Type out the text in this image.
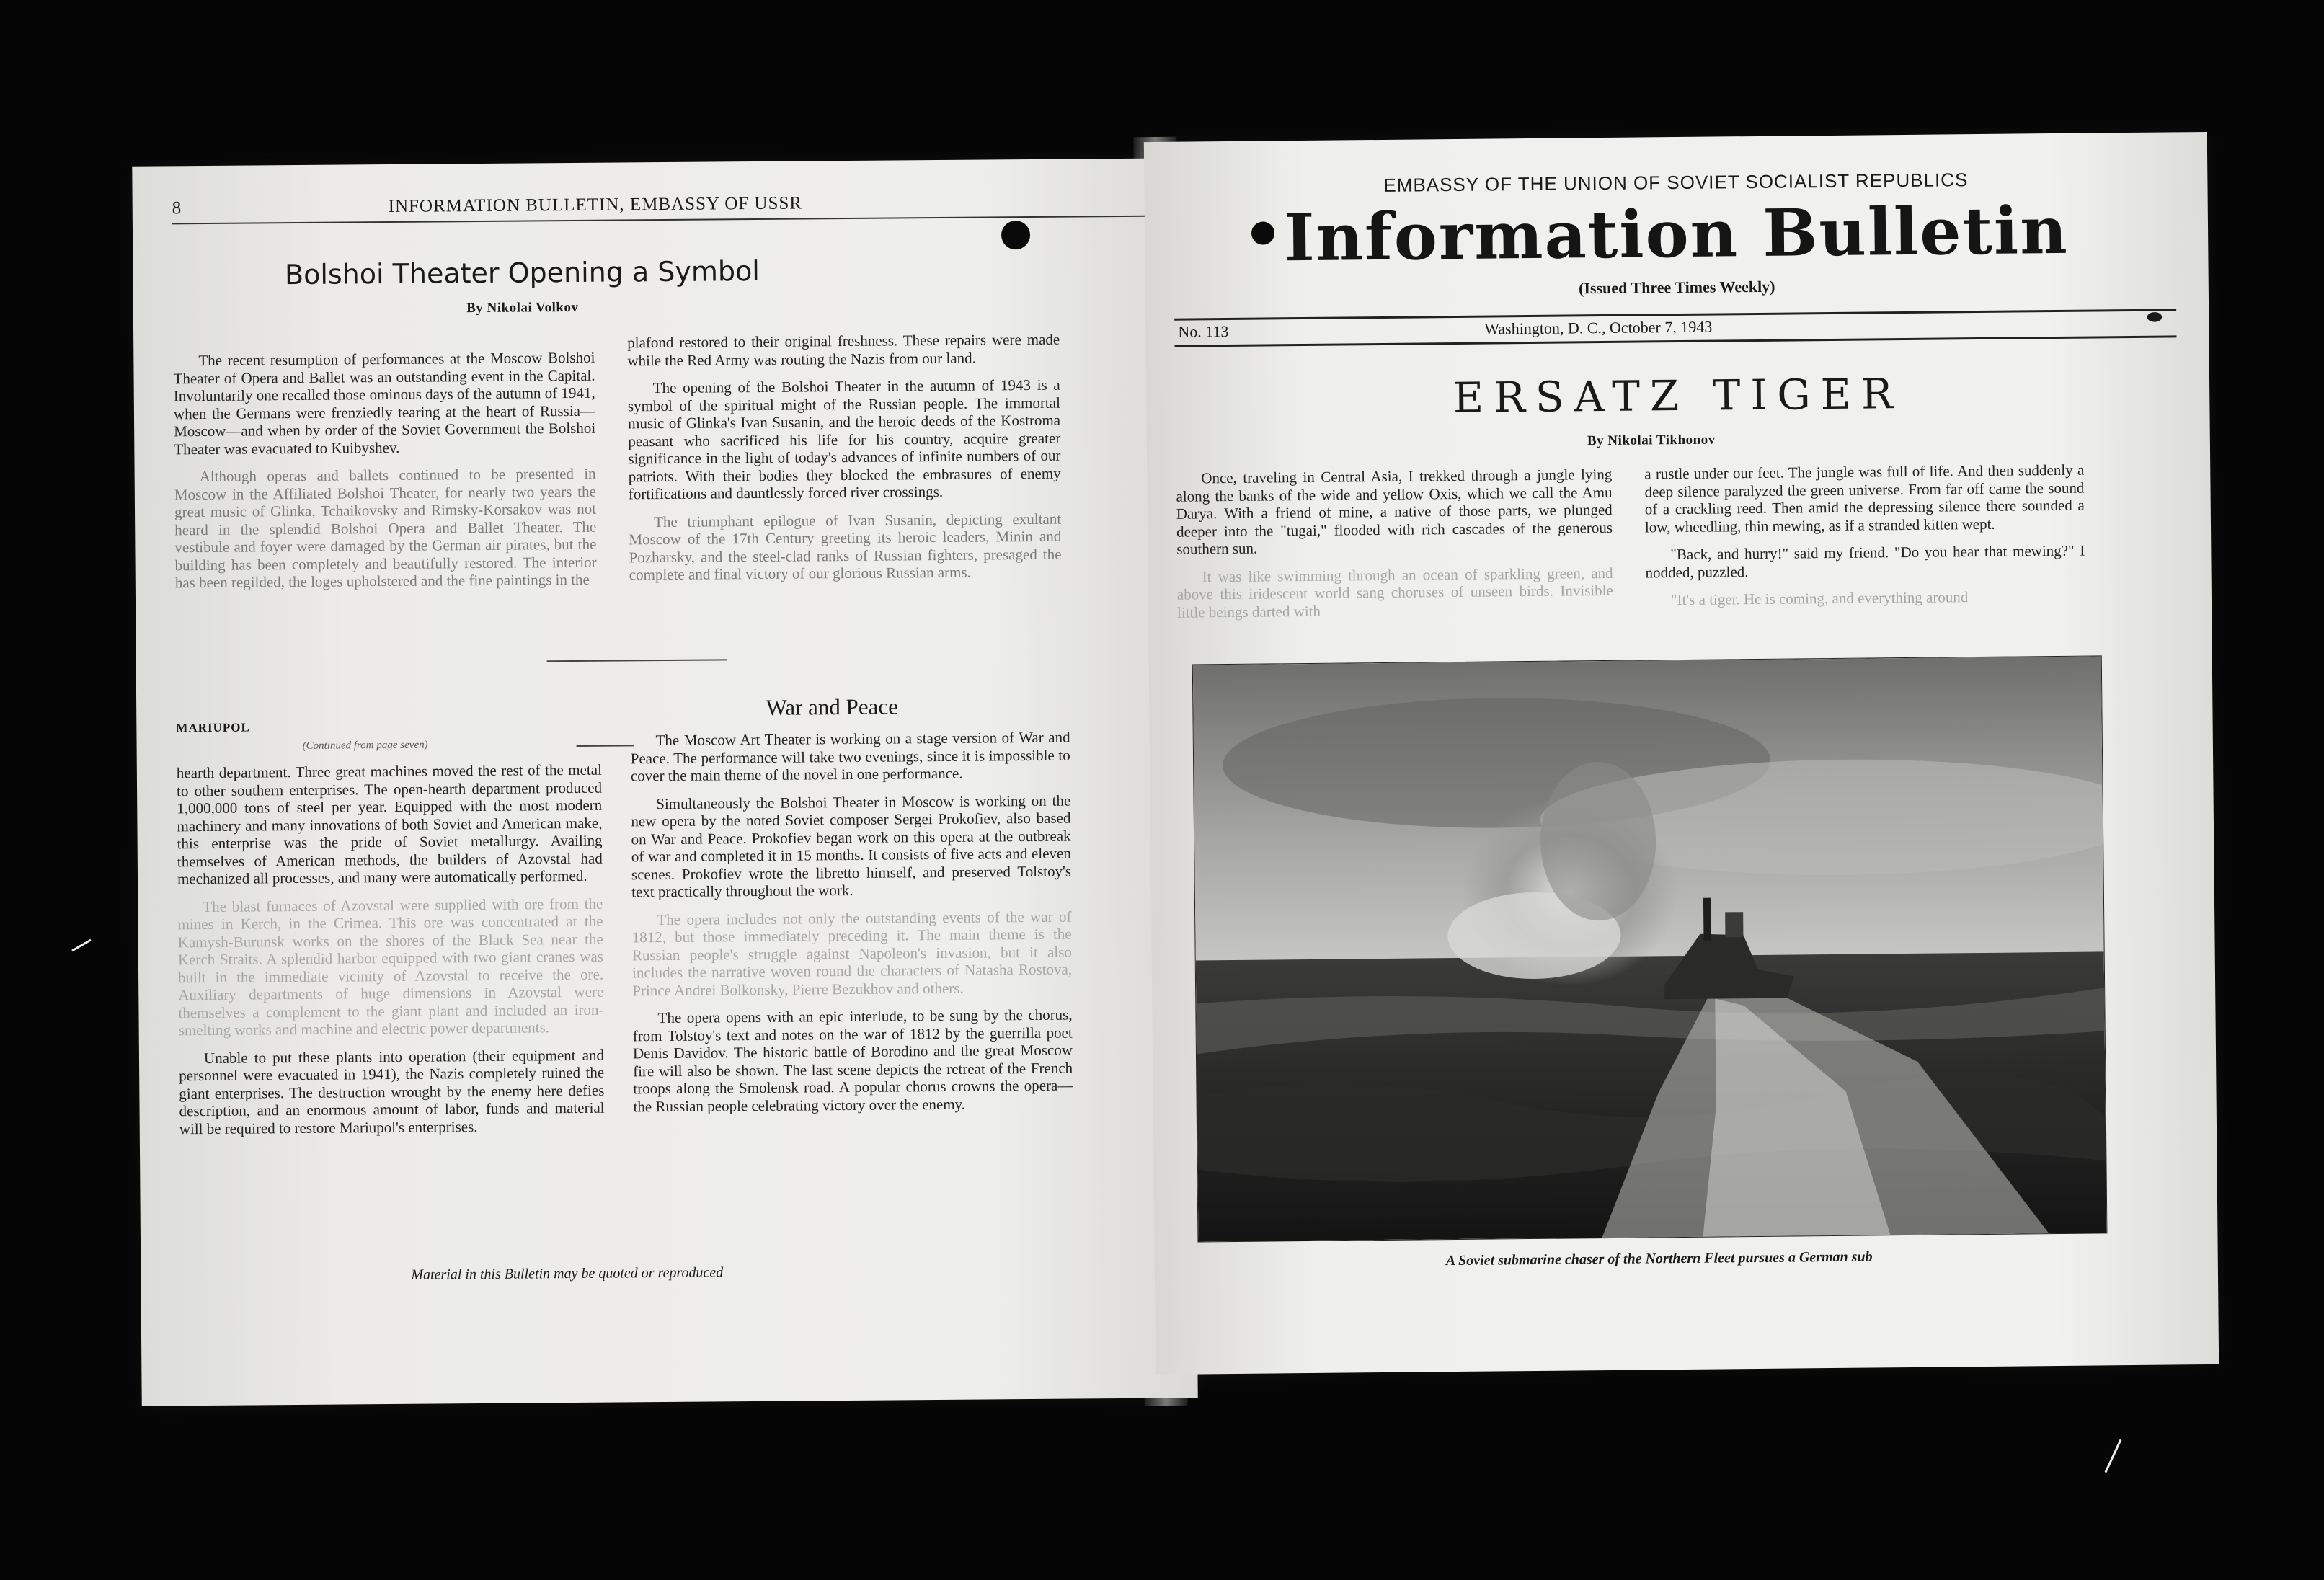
8	INFORMATION BULLETIN, EMBASSY OF USSR

Bolshoi Theater Opening a Symbol
By Nikolai Volkov

The recent resumption of performances at the Moscow Bolshoi Theater of Opera and Ballet was an outstanding event in the Capital. Involuntarily one recalled those ominous days of the autumn of 1941, when the Germans were frenziedly tearing at the heart of Russia—Moscow—and when by order of the Soviet Government the Bolshoi Theater was evacuated to Kuibyshev.

Although operas and ballets continued to be presented in Moscow in the Affiliated Bolshoi Theater, for nearly two years the great music of Glinka, Tchaikovsky and Rimsky-Korsakov was not heard in the splendid Bolshoi Opera and Ballet Theater. The vestibule and foyer were damaged by the German air pirates, but the building has been completely and beautifully restored. The interior has been regilded, the loges upholstered and the fine paintings in the

plafond restored to their original freshness. These repairs were made while the Red Army was routing the Nazis from our land.

The opening of the Bolshoi Theater in the autumn of 1943 is a symbol of the spiritual might of the Russian people. The immortal music of Glinka's Ivan Susanin, and the heroic deeds of the Kostroma peasant who sacrificed his life for his country, acquire greater significance in the light of today's advances of infinite numbers of our patriots. With their bodies they blocked the embrasures of enemy fortifications and dauntlessly forced river crossings.

The triumphant epilogue of Ivan Susanin, depicting exultant Moscow of the 17th Century greeting its heroic leaders, Minin and Pozharsky, and the steel-clad ranks of Russian fighters, presaged the complete and final victory of our glorious Russian arms.

MARIUPOL
(Continued from page seven)

hearth department. Three great machines moved the rest of the metal to other southern enterprises. The open-hearth department produced 1,000,000 tons of steel per year. Equipped with the most modern machinery and many innovations of both Soviet and American make, this enterprise was the pride of Soviet metallurgy. Availing themselves of American methods, the builders of Azovstal had mechanized all processes, and many were automatically performed.

The blast furnaces of Azovstal were supplied with ore from the mines in Kerch, in the Crimea. This ore was concentrated at the Kamysh-Burunsk works on the shores of the Black Sea near the Kerch Straits. A splendid harbor equipped with two giant cranes was built in the immediate vicinity of Azovstal to receive the ore. Auxiliary departments of huge dimensions in Azovstal were themselves a complement to the giant plant and included an iron-smelting works and machine and electric power departments.

Unable to put these plants into operation (their equipment and personnel were evacuated in 1941), the Nazis completely ruined the giant enterprises. The destruction wrought by the enemy here defies description, and an enormous amount of labor, funds and material will be required to restore Mariupol's enterprises.

War and Peace

The Moscow Art Theater is working on a stage version of War and Peace. The performance will take two evenings, since it is impossible to cover the main theme of the novel in one performance.

Simultaneously the Bolshoi Theater in Moscow is working on the new opera by the noted Soviet composer Sergei Prokofiev, also based on War and Peace. Prokofiev began work on this opera at the outbreak of war and completed it in 15 months. It consists of five acts and eleven scenes. Prokofiev wrote the libretto himself, and preserved Tolstoy's text practically throughout the work.

The opera includes not only the outstanding events of the war of 1812, but those immediately preceding it. The main theme is the Russian people's struggle against Napoleon's invasion, but it also includes the narrative woven round the characters of Natasha Rostova, Prince Andrei Bolkonsky, Pierre Bezukhov and others.

The opera opens with an epic interlude, to be sung by the chorus, from Tolstoy's text and notes on the war of 1812 by the guerrilla poet Denis Davidov. The historic battle of Borodino and the great Moscow fire will also be shown. The last scene depicts the retreat of the French troops along the Smolensk road. A popular chorus crowns the opera—the Russian people celebrating victory over the enemy.

Material in this Bulletin may be quoted or reproduced
EMBASSY OF THE UNION OF SOVIET SOCIALIST REPUBLICS
Information Bulletin
(Issued Three Times Weekly)
No. 113	Washington, D. C., October 7, 1943	⬬
ERSATZ TIGER
By Nikolai Tikhonov

Once, traveling in Central Asia, I trekked through a jungle lying along the banks of the wide and yellow Oxis, which we call the Amu Darya. With a friend of mine, a native of those parts, we plunged deeper into the "tugai," flooded with rich cascades of the generous southern sun.

It was like swimming through an ocean of sparkling green, and above this iridescent world sang choruses of unseen birds. Invisible little beings darted with

a rustle under our feet. The jungle was full of life. And then suddenly a deep silence paralyzed the green universe. From far off came the sound of a crackling reed. Then amid the depressing silence there sounded a low, wheedling, thin mewing, as if a stranded kitten wept.

"Back, and hurry!" said my friend. "Do you hear that mewing?" I nodded, puzzled.

"It's a tiger. He is coming, and everything around

A Soviet submarine chaser of the Northern Fleet pursues a German sub
